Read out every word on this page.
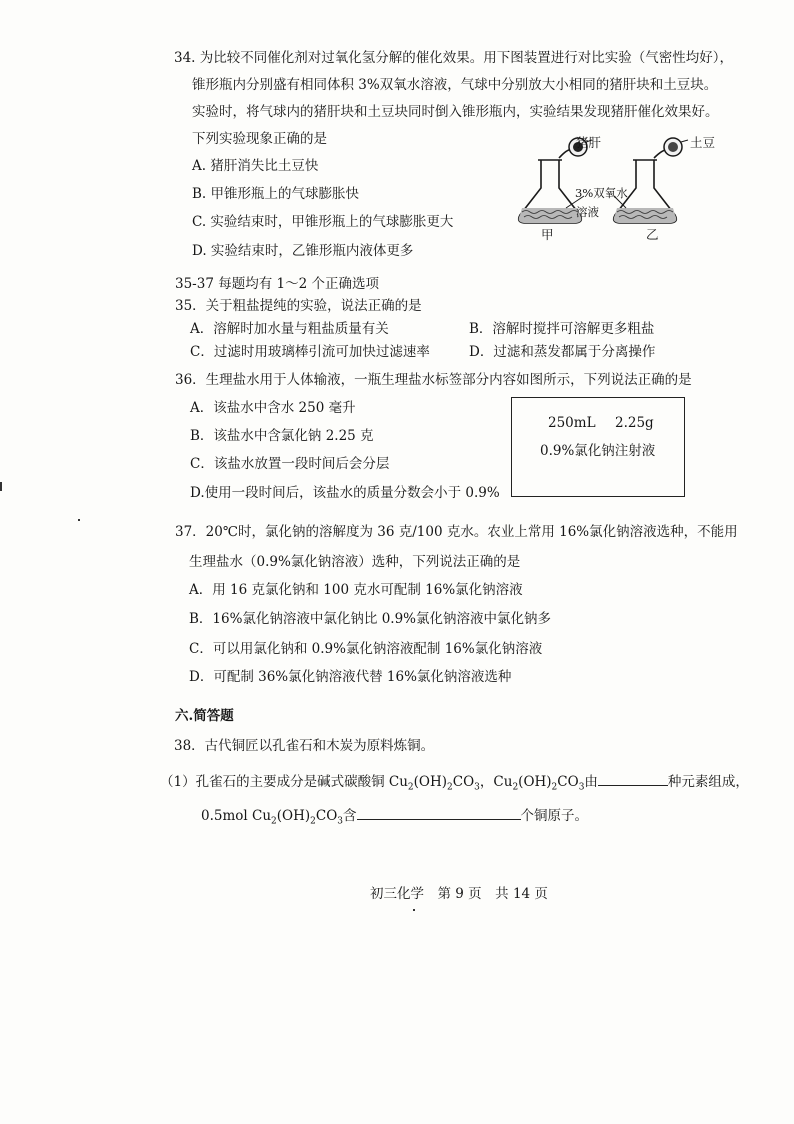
34. 为比较不同催化剂对过氧化氢分解的催化效果。用下图装置进行对比实验（气密性均好），
锥形瓶内分别盛有相同体积 3%双氧水溶液，气球中分别放大小相同的猪肝块和土豆块。
实验时，将气球内的猪肝块和土豆块同时倒入锥形瓶内，实验结果发现猪肝催化效果好。
下列实验现象正确的是
A. 猪肝消失比土豆快
B. 甲锥形瓶上的气球膨胀快
C. 实验结束时，甲锥形瓶上的气球膨胀更大
D. 实验结束时，乙锥形瓶内液体更多
猪肝	土豆
3%双氧水
溶液
甲	乙
35-37 每题均有 1～2 个正确选项
35．关于粗盐提纯的实验，说法正确的是
A．溶解时加水量与粗盐质量有关	B．溶解时搅拌可溶解更多粗盐
C．过滤时用玻璃棒引流可加快过滤速率	D．过滤和蒸发都属于分离操作
36．生理盐水用于人体输液，一瓶生理盐水标签部分内容如图所示，下列说法正确的是
A．该盐水中含水 250 毫升
B．该盐水中含氯化钠 2.25 克
C．该盐水放置一段时间后会分层
D.使用一段时间后，该盐水的质量分数会小于 0.9%
250mL 2.25g
0.9%氯化钠注射液
37．20℃时，氯化钠的溶解度为 36 克/100 克水。农业上常用 16%氯化钠溶液选种，不能用
生理盐水（0.9%氯化钠溶液）选种，下列说法正确的是
A．用 16 克氯化钠和 100 克水可配制 16%氯化钠溶液
B．16%氯化钠溶液中氯化钠比 0.9%氯化钠溶液中氯化钠多
C．可以用氯化钠和 0.9%氯化钠溶液配制 16%氯化钠溶液
D．可配制 36%氯化钠溶液代替 16%氯化钠溶液选种
六.简答题
38．古代铜匠以孔雀石和木炭为原料炼铜。
（1）孔雀石的主要成分是碱式碳酸铜 $Cu_2(OH)_2CO_3$，$Cu_2(OH)_2CO_3$由	种元素组成，
0.5mol $Cu_2(OH)_2CO_3$含	个铜原子。
初三化学　第 9 页　共 14 页
